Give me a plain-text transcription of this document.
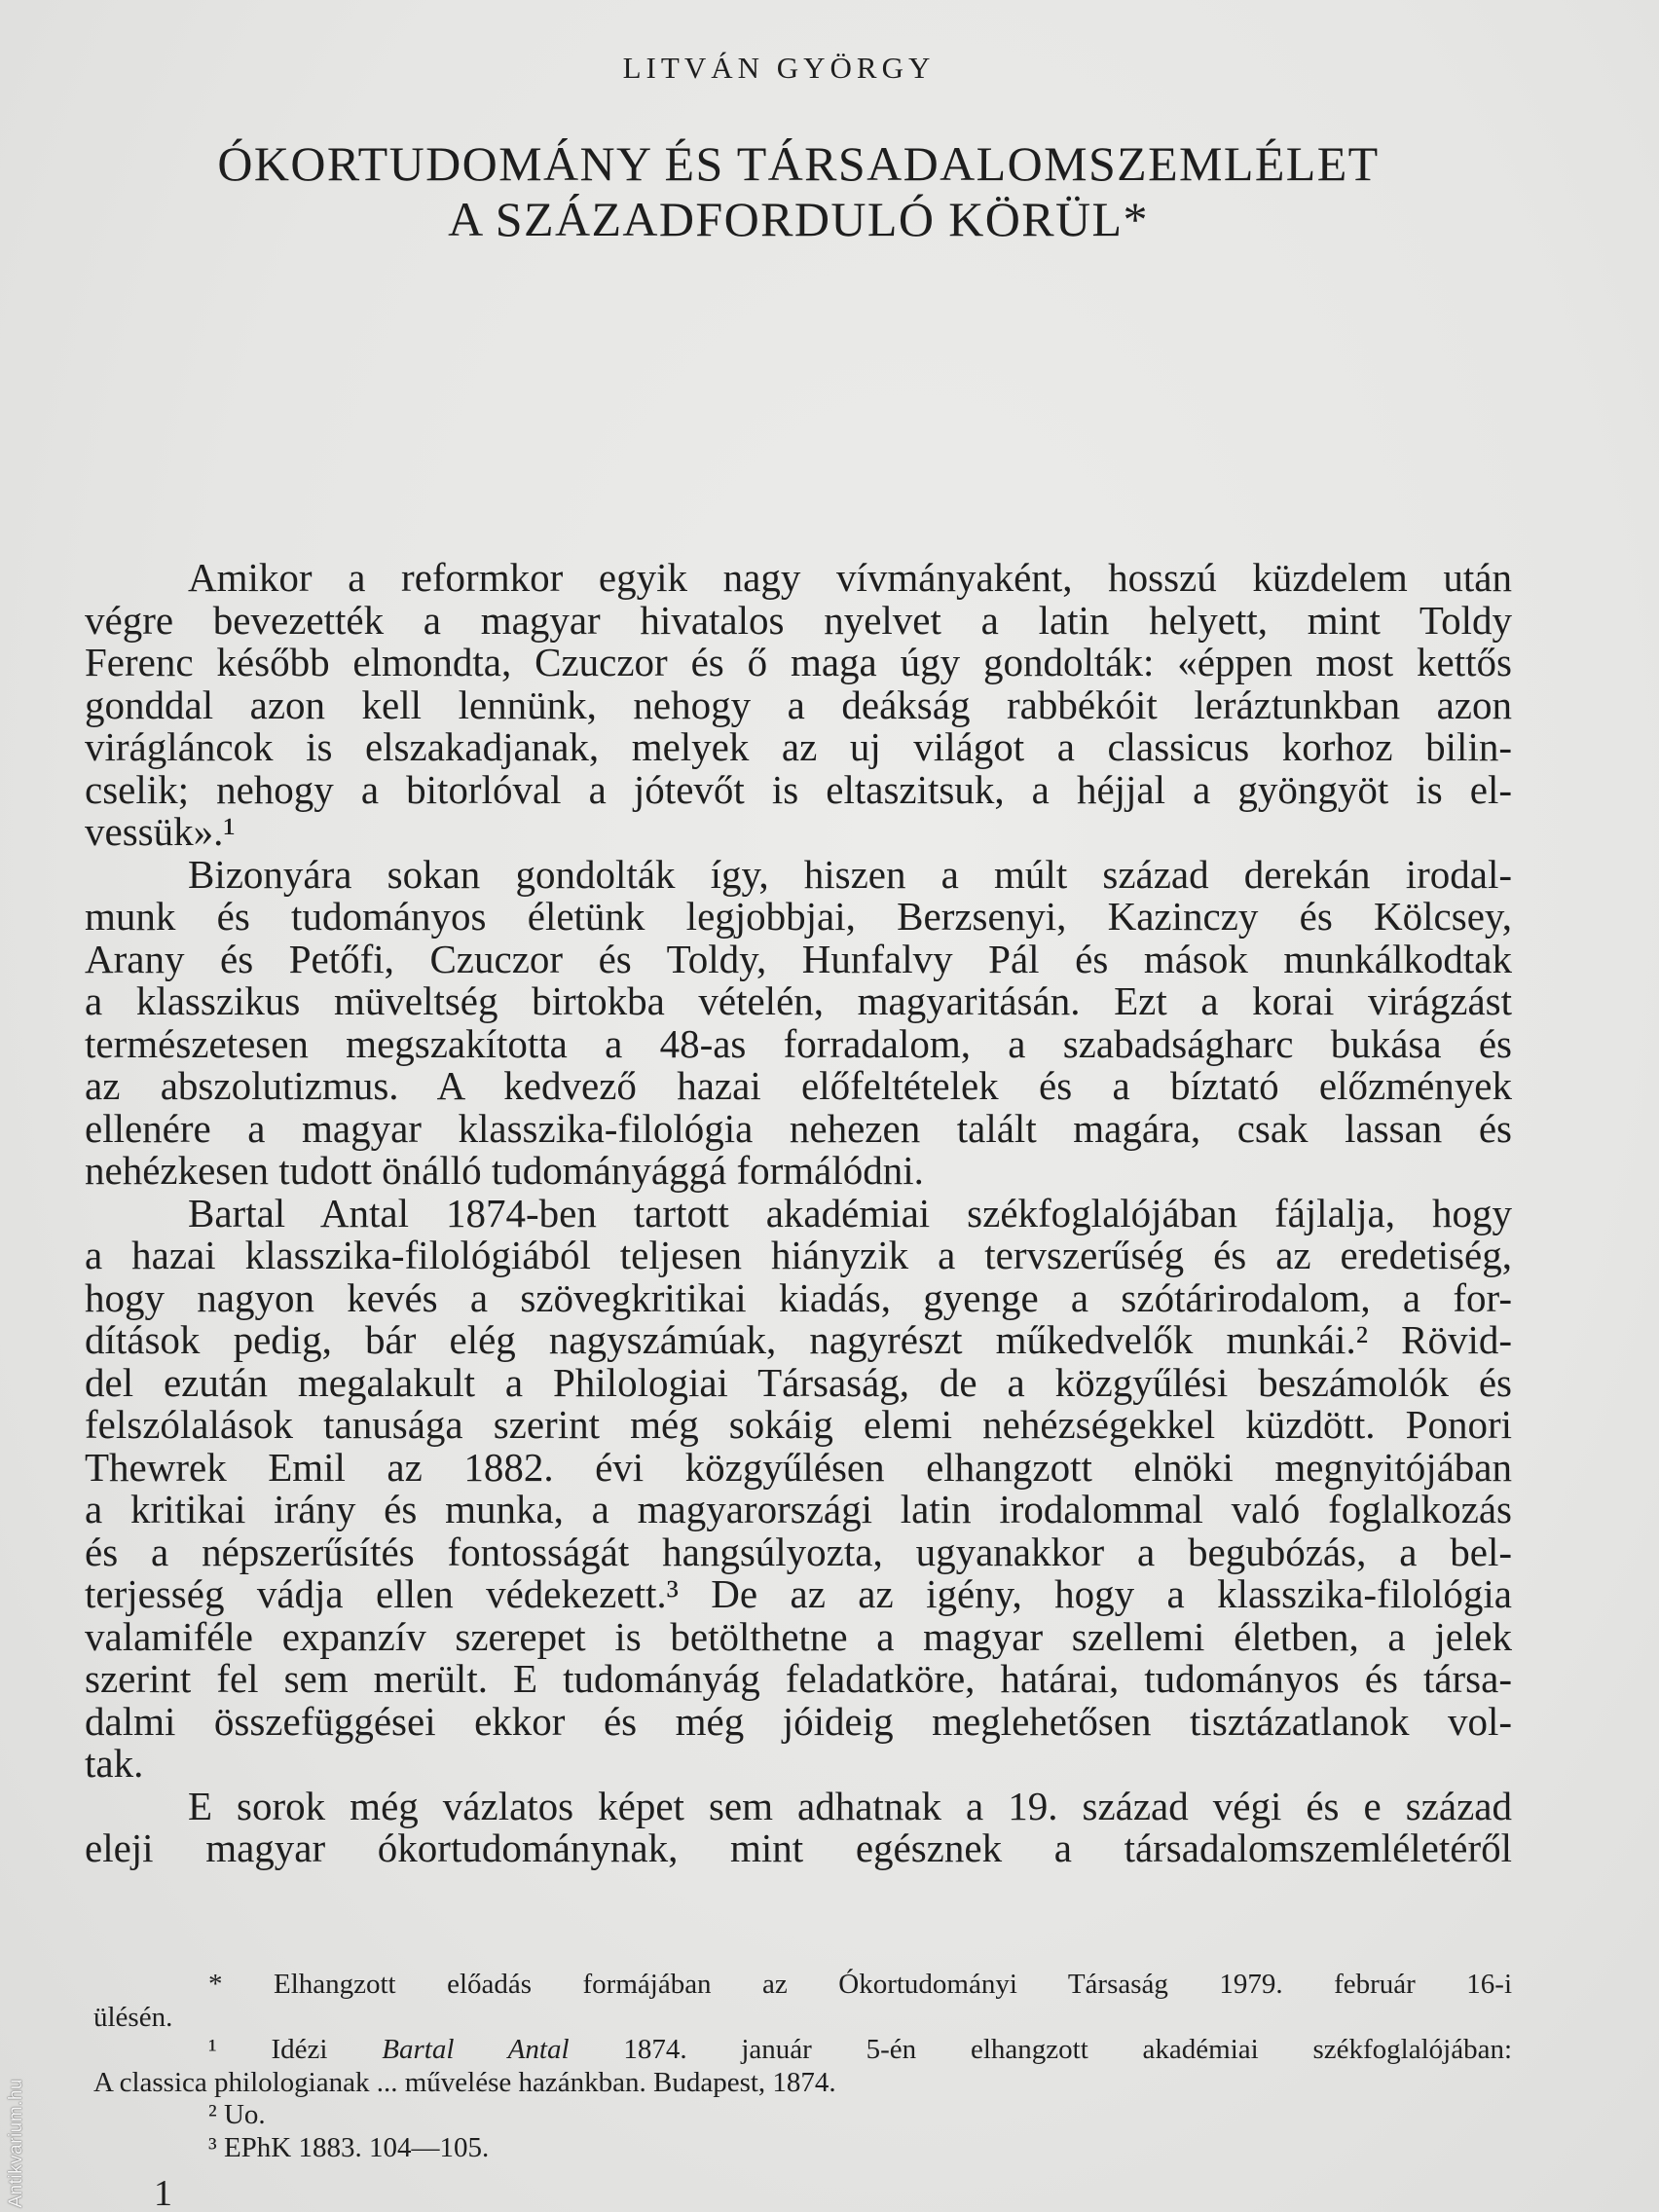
LITVÁN GYÖRGY
ÓKORTUDOMÁNY ÉS TÁRSADALOMSZEMLÉLET
A SZÁZADFORDULÓ KÖRÜL*
Amikor a reformkor egyik nagy vívmányaként, hosszú küzdelem után
végre bevezették a magyar hivatalos nyelvet a latin helyett, mint Toldy
Ferenc később elmondta, Czuczor és ő maga úgy gondolták: «éppen most kettős
gonddal azon kell lennünk, nehogy a deákság rabbékóit leráztunkban azon
virágláncok is elszakadjanak, melyek az uj világot a classicus korhoz bilin-
cselik; nehogy a bitorlóval a jótevőt is eltaszitsuk, a héjjal a gyöngyöt is el-
vessük».¹
Bizonyára sokan gondolták így, hiszen a múlt század derekán irodal-
munk és tudományos életünk legjobbjai, Berzsenyi, Kazinczy és Kölcsey,
Arany és Petőfi, Czuczor és Toldy, Hunfalvy Pál és mások munkálkodtak
a klasszikus müveltség birtokba vételén, magyaritásán. Ezt a korai virágzást
természetesen megszakította a 48-as forradalom, a szabadságharc bukása és
az abszolutizmus. A kedvező hazai előfeltételek és a bíztató előzmények
ellenére a magyar klasszika-filológia nehezen talált magára, csak lassan és
nehézkesen tudott önálló tudományággá formálódni.
Bartal Antal 1874-ben tartott akadémiai székfoglalójában fájlalja, hogy
a hazai klasszika-filológiából teljesen hiányzik a tervszerűség és az eredetiség,
hogy nagyon kevés a szövegkritikai kiadás, gyenge a szótárirodalom, a for-
dítások pedig, bár elég nagyszámúak, nagyrészt műkedvelők munkái.² Rövid-
del ezután megalakult a Philologiai Társaság, de a közgyűlési beszámolók és
felszólalások tanusága szerint még sokáig elemi nehézségekkel küzdött. Ponori
Thewrek Emil az 1882. évi közgyűlésen elhangzott elnöki megnyitójában
a kritikai irány és munka, a magyarországi latin irodalommal való foglalkozás
és a népszerűsítés fontosságát hangsúlyozta, ugyanakkor a begubózás, a bel-
terjesség vádja ellen védekezett.³ De az az igény, hogy a klasszika-filológia
valamiféle expanzív szerepet is betölthetne a magyar szellemi életben, a jelek
szerint fel sem merült. E tudományág feladatköre, határai, tudományos és társa-
dalmi összefüggései ekkor és még jóideig meglehetősen tisztázatlanok vol-
tak.
E sorok még vázlatos képet sem adhatnak a 19. század végi és e század
eleji magyar ókortudománynak, mint egésznek a társadalomszemléletéről
* Elhangzott előadás formájában az Ókortudományi Társaság 1979. február 16-i
ülésén.
¹ Idézi Bartal Antal 1874. január 5-én elhangzott akadémiai székfoglalójában:
A classica philologianak ... művelése hazánkban. Budapest, 1874.
² Uo.
³ EPhK 1883. 104—105.
1
Antikvarium.hu
